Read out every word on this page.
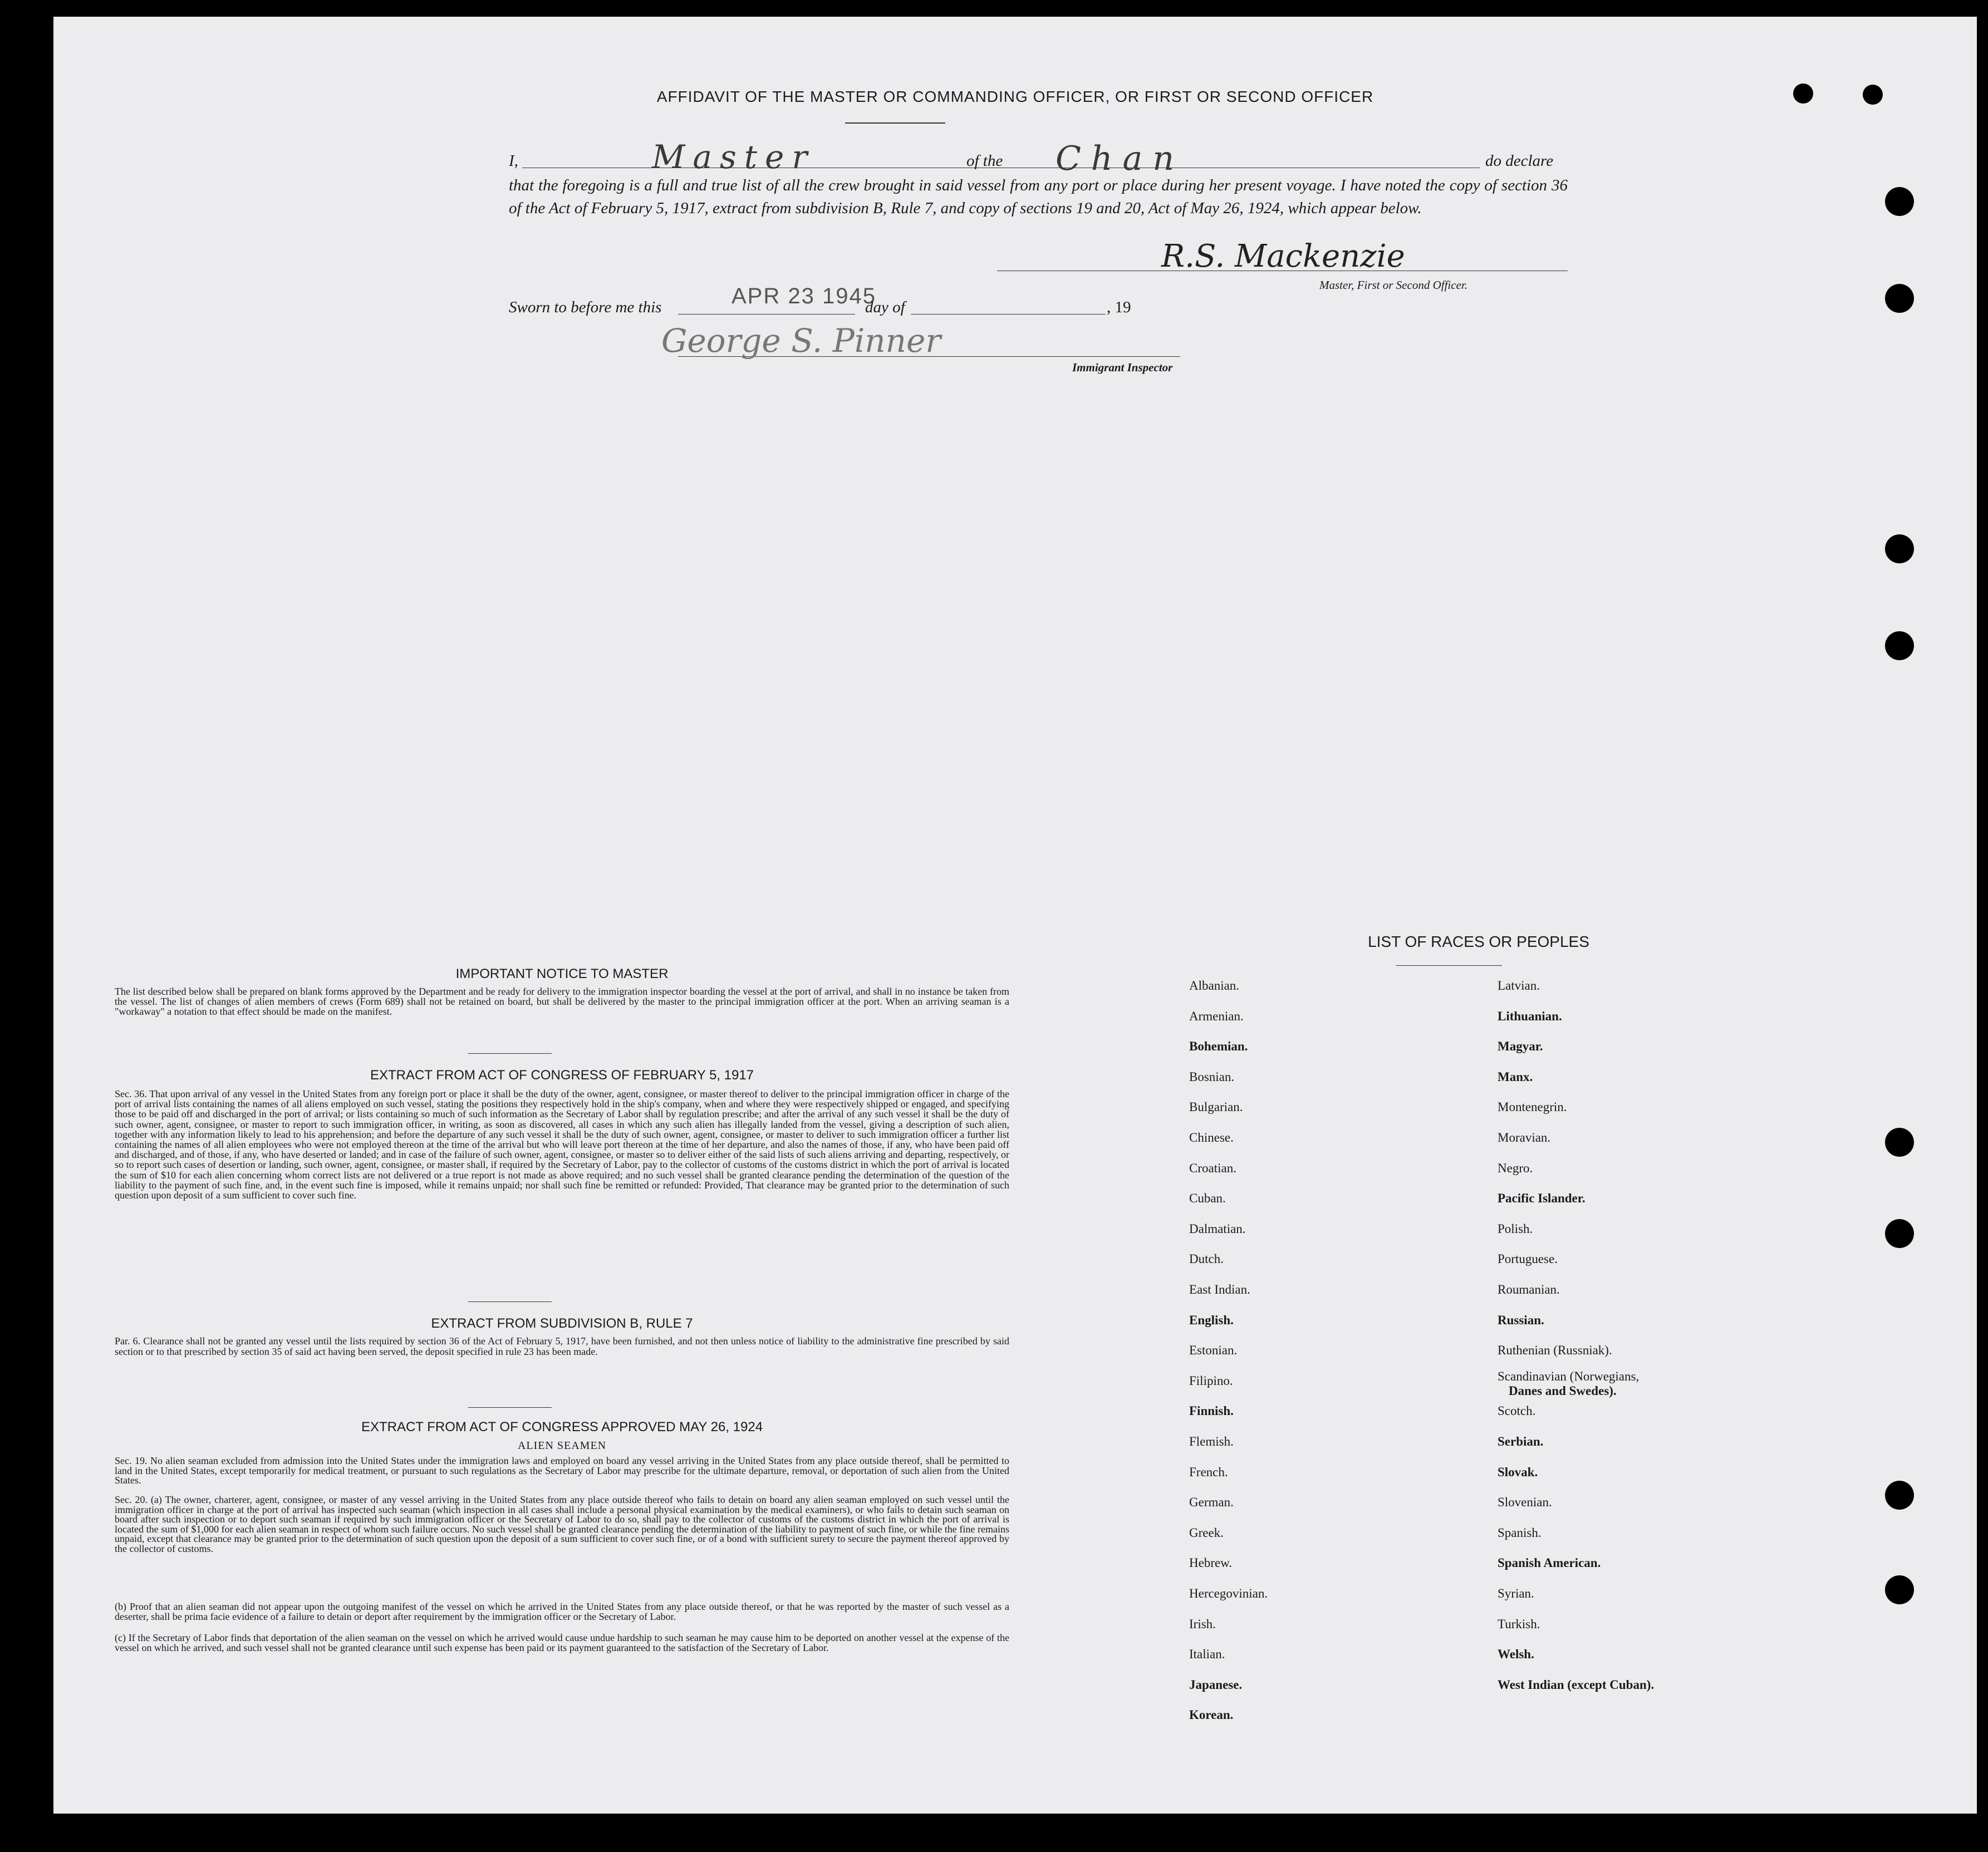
AFFIDAVIT OF THE MASTER OR COMMANDING OFFICER, OR FIRST OR SECOND OFFICER
I,	Master	of the Chan	do declare
that the foregoing is a full and true list of all the crew brought in said vessel from any port or place during her present voyage. I have noted the copy of section 36 of the Act of February 5, 1917, extract from subdivision B, Rule 7, and copy of sections 19 and 20, Act of May 26, 1924, which appear below.
R.S. Mackenzie
Master, First or Second Officer.
Sworn to before me this	APR 23 1945
day of	, 19
George S. Pinner
Immigrant Inspector
IMPORTANT NOTICE TO MASTER
The list described below shall be prepared on blank forms approved by the Department and be ready for delivery to the immigration inspector boarding the vessel at the port of arrival, and shall in no instance be taken from the vessel. The list of changes of alien members of crews (Form 689) shall not be retained on board, but shall be delivered by the master to the principal immigration officer at the port. When an arriving seaman is a "workaway" a notation to that effect should be made on the manifest.
EXTRACT FROM ACT OF CONGRESS OF FEBRUARY 5, 1917
Sec. 36. That upon arrival of any vessel in the United States from any foreign port or place it shall be the duty of the owner, agent, consignee, or master thereof to deliver to the principal immigration officer in charge of the port of arrival lists containing the names of all aliens employed on such vessel, stating the positions they respectively hold in the ship's company, when and where they were respectively shipped or engaged, and specifying those to be paid off and discharged in the port of arrival; or lists containing so much of such information as the Secretary of Labor shall by regulation prescribe; and after the arrival of any such vessel it shall be the duty of such owner, agent, consignee, or master to report to such immigration officer, in writing, as soon as discovered, all cases in which any such alien has illegally landed from the vessel, giving a description of such alien, together with any information likely to lead to his apprehension; and before the departure of any such vessel it shall be the duty of such owner, agent, consignee, or master to deliver to such immigration officer a further list containing the names of all alien employees who were not employed thereon at the time of the arrival but who will leave port thereon at the time of her departure, and also the names of those, if any, who have been paid off and discharged, and of those, if any, who have deserted or landed; and in case of the failure of such owner, agent, consignee, or master so to deliver either of the said lists of such aliens arriving and departing, respectively, or so to report such cases of desertion or landing, such owner, agent, consignee, or master shall, if required by the Secretary of Labor, pay to the collector of customs of the customs district in which the port of arrival is located the sum of $10 for each alien concerning whom correct lists are not delivered or a true report is not made as above required; and no such vessel shall be granted clearance pending the determination of the question of the liability to the payment of such fine, and, in the event such fine is imposed, while it remains unpaid; nor shall such fine be remitted or refunded: Provided, That clearance may be granted prior to the determination of such question upon deposit of a sum sufficient to cover such fine.
EXTRACT FROM SUBDIVISION B, RULE 7
Par. 6. Clearance shall not be granted any vessel until the lists required by section 36 of the Act of February 5, 1917, have been furnished, and not then unless notice of liability to the administrative fine prescribed by said section or to that prescribed by section 35 of said act having been served, the deposit specified in rule 23 has been made.
EXTRACT FROM ACT OF CONGRESS APPROVED MAY 26, 1924
ALIEN SEAMEN
Sec. 19. No alien seaman excluded from admission into the United States under the immigration laws and employed on board any vessel arriving in the United States from any place outside thereof, shall be permitted to land in the United States, except temporarily for medical treatment, or pursuant to such regulations as the Secretary of Labor may prescribe for the ultimate departure, removal, or deportation of such alien from the United States.
Sec. 20. (a) The owner, charterer, agent, consignee, or master of any vessel arriving in the United States from any place outside thereof who fails to detain on board any alien seaman employed on such vessel until the immigration officer in charge at the port of arrival has inspected such seaman (which inspection in all cases shall include a personal physical examination by the medical examiners), or who fails to detain such seaman on board after such inspection or to deport such seaman if required by such immigration officer or the Secretary of Labor to do so, shall pay to the collector of customs of the customs district in which the port of arrival is located the sum of $1,000 for each alien seaman in respect of whom such failure occurs. No such vessel shall be granted clearance pending the determination of the liability to payment of such fine, or while the fine remains unpaid, except that clearance may be granted prior to the determination of such question upon the deposit of a sum sufficient to cover such fine, or of a bond with sufficient surety to secure the payment thereof approved by the collector of customs.
(b) Proof that an alien seaman did not appear upon the outgoing manifest of the vessel on which he arrived in the United States from any place outside thereof, or that he was reported by the master of such vessel as a deserter, shall be prima facie evidence of a failure to detain or deport after requirement by the immigration officer or the Secretary of Labor.
(c) If the Secretary of Labor finds that deportation of the alien seaman on the vessel on which he arrived would cause undue hardship to such seaman he may cause him to be deported on another vessel at the expense of the vessel on which he arrived, and such vessel shall not be granted clearance until such expense has been paid or its payment guaranteed to the satisfaction of the Secretary of Labor.
LIST OF RACES OR PEOPLES
Albanian.
Armenian.
Bohemian.
Bosnian.
Bulgarian.
Chinese.
Croatian.
Cuban.
Dalmatian.
Dutch.
East Indian.
English.
Estonian.
Filipino.
Finnish.
Flemish.
French.
German.
Greek.
Hebrew.
Hercegovinian.
Irish.
Italian.
Japanese.
Korean.
Latvian.
Lithuanian.
Magyar.
Manx.
Montenegrin.
Moravian.
Negro.
Pacific Islander.
Polish.
Portuguese.
Roumanian.
Russian.
Ruthenian (Russniak).
Scandinavian (Norwegians,
Danes and Swedes).
Scotch.
Serbian.
Slovak.
Slovenian.
Spanish.
Spanish American.
Syrian.
Turkish.
Welsh.
West Indian (except Cuban).
